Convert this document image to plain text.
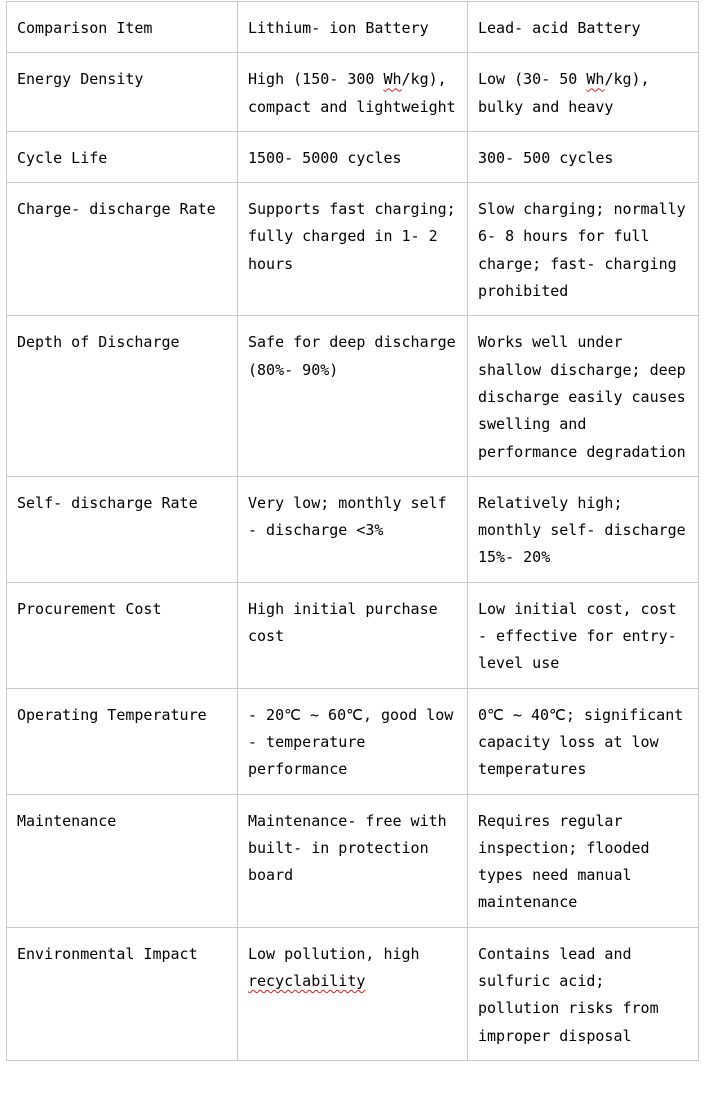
Comparison Item	Lithium- ion Battery	Lead- acid Battery
Energy Density	High (150- 300 Wh/kg), compact and lightweight	Low (30- 50 Wh/kg), bulky and heavy
Cycle Life	1500- 5000 cycles	300- 500 cycles
Charge- discharge Rate	Supports fast charging; fully charged in 1- 2 hours	Slow charging; normally 6- 8 hours for full charge; fast- charging prohibited
Depth of Discharge	Safe for deep discharge (80%- 90%)	Works well under shallow discharge; deep discharge easily causes swelling and performance degradation
Self- discharge Rate	Very low; monthly self - discharge <3%	Relatively high; monthly self- discharge 15%- 20%
Procurement Cost	High initial purchase cost	Low initial cost, cost - effective for entry-level use
Operating Temperature	- 20℃ ~ 60℃, good low - temperature performance	0℃ ~ 40℃; significant capacity loss at low temperatures
Maintenance	Maintenance- free with built- in protection board	Requires regular inspection; flooded types need manual maintenance
Environmental Impact	Low pollution, high recyclability	Contains lead and sulfuric acid; pollution risks from improper disposal
